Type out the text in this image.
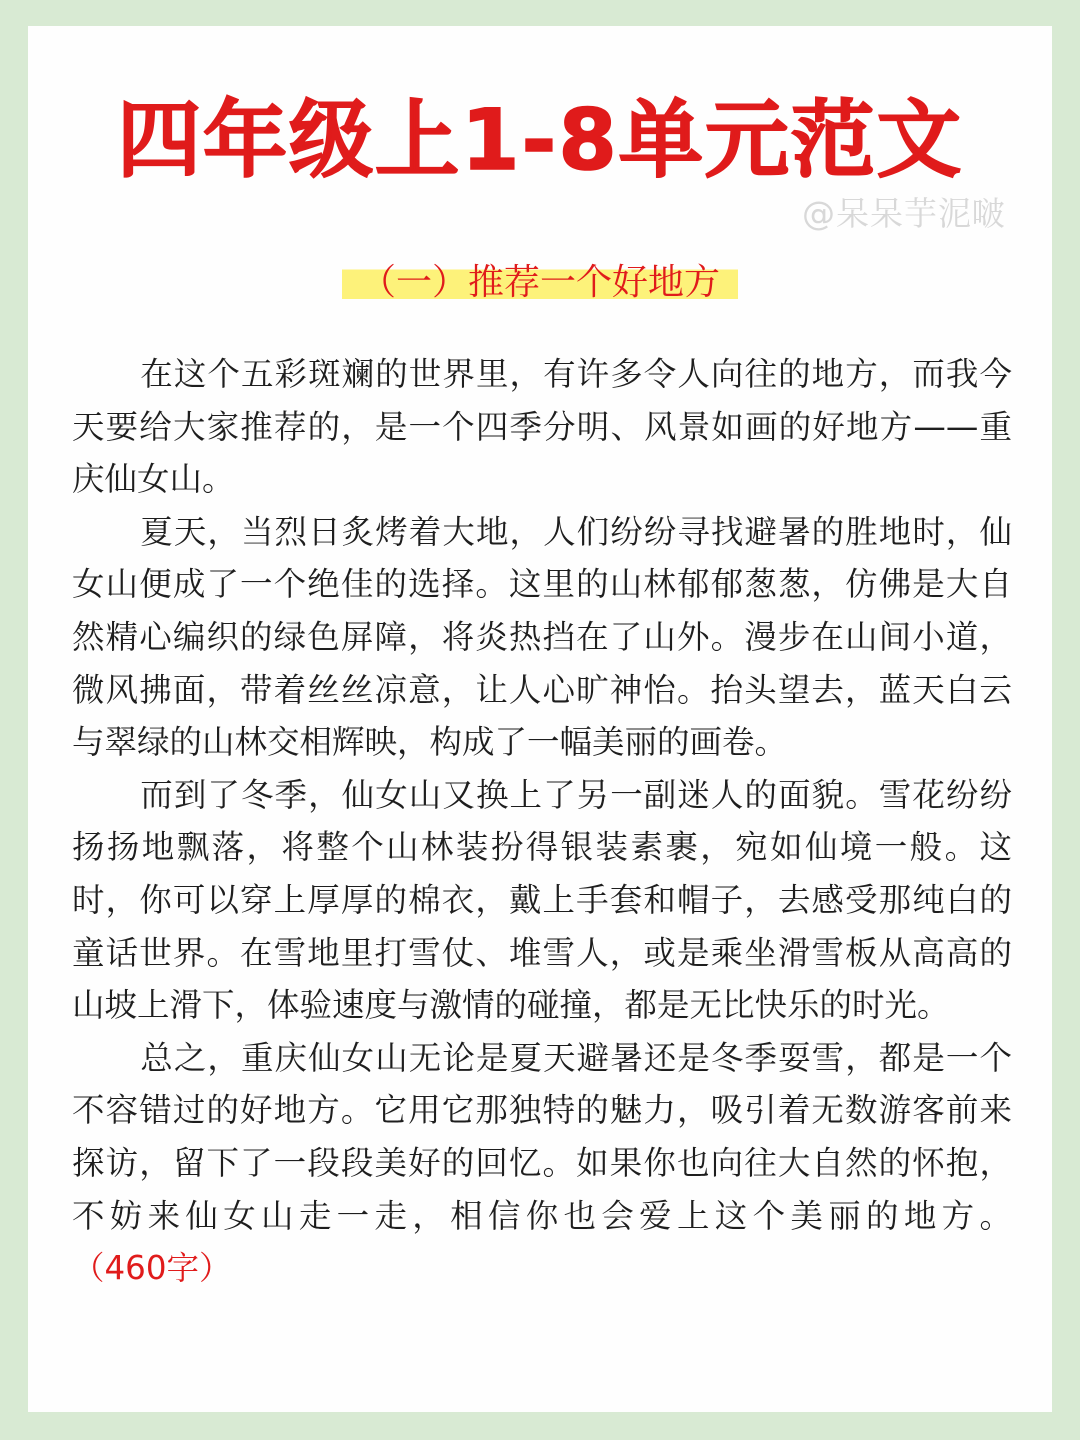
四年级上1-8单元范文
@呆呆芋泥啵
（一）推荐一个好地方

在这个五彩斑斓的世界里，有许多令人向往的地方，而我今天要给大家推荐的，是一个四季分明、风景如画的好地方——重庆仙女山。

夏天，当烈日炙烤着大地，人们纷纷寻找避暑的胜地时，仙女山便成了一个绝佳的选择。这里的山林郁郁葱葱，仿佛是大自然精心编织的绿色屏障，将炎热挡在了山外。漫步在山间小道，微风拂面，带着丝丝凉意，让人心旷神怡。抬头望去，蓝天白云与翠绿的山林交相辉映，构成了一幅美丽的画卷。

而到了冬季，仙女山又换上了另一副迷人的面貌。雪花纷纷扬扬地飘落，将整个山林装扮得银装素裹，宛如仙境一般。这时，你可以穿上厚厚的棉衣，戴上手套和帽子，去感受那纯白的童话世界。在雪地里打雪仗、堆雪人，或是乘坐滑雪板从高高的山坡上滑下，体验速度与激情的碰撞，都是无比快乐的时光。

总之，重庆仙女山无论是夏天避暑还是冬季耍雪，都是一个不容错过的好地方。它用它那独特的魅力，吸引着无数游客前来探访，留下了一段段美好的回忆。如果你也向往大自然的怀抱，不妨来仙女山走一走，相信你也会爱上这个美丽的地方。（460字）
